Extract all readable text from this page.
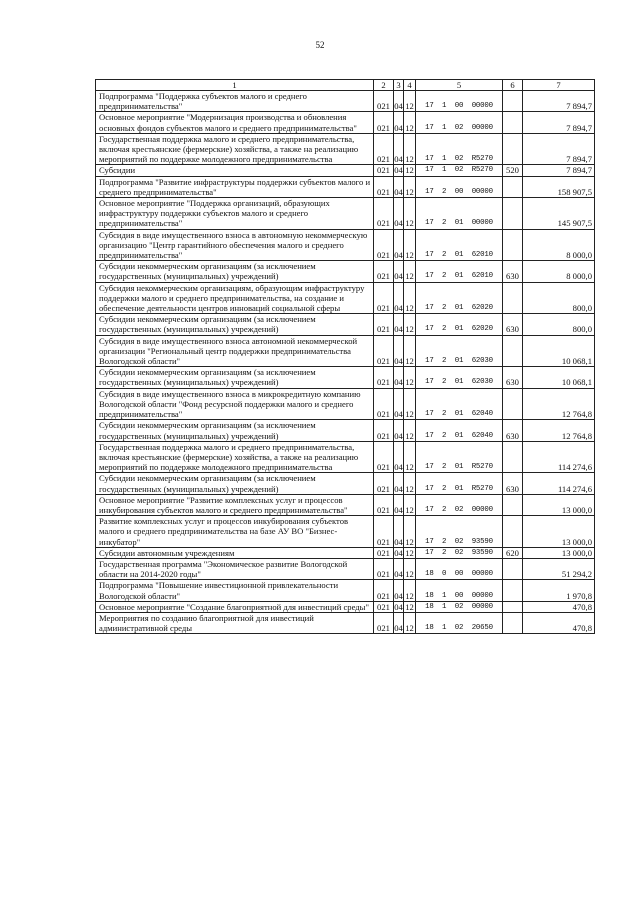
52
1	2	3	4	5	6	7
Подпрограмма "Поддержка субъектов малого и среднего предпринимательства"	021	04	12	17  1  00  00000		7 894,7
Основное мероприятие "Модернизация производства и обновления основных фондов субъектов малого и среднего предпринимательства"	021	04	12	17  1  02  00000		7 894,7
Государственная поддержка малого и среднего предпринимательства, включая крестьянские (фермерские) хозяйства, а также на реализацию мероприятий по поддержке молодежного предпринимательства	021	04	12	17  1  02  R5270		7 894,7
Субсидии	021	04	12	17  1  02  R5270	520	7 894,7
Подпрограмма "Развитие инфраструктуры поддержки субъектов малого и среднего предпринимательства"	021	04	12	17  2  00  00000		158 907,5
Основное мероприятие "Поддержка организаций, образующих инфраструктуру поддержки субъектов малого и среднего предпринимательства"	021	04	12	17  2  01  00000		145 907,5
Субсидия в виде имущественного взноса в автономную некоммерческую организацию "Центр гарантийного обеспечения малого и среднего предпринимательства"	021	04	12	17  2  01  62010		8 000,0
Субсидии некоммерческим организациям (за исключением государственных (муниципальных) учреждений)	021	04	12	17  2  01  62010	630	8 000,0
Субсидия некоммерческим организациям, образующим инфраструктуру поддержки малого и среднего предпринимательства, на создание и обеспечение деятельности центров инноваций социальной сферы	021	04	12	17  2  01  62020		800,0
Субсидии некоммерческим организациям (за исключением государственных (муниципальных) учреждений)	021	04	12	17  2  01  62020	630	800,0
Субсидия в виде имущественного взноса автономной некоммерческой организации "Региональный центр поддержки предпринимательства Вологодской области"	021	04	12	17  2  01  62030		10 068,1
Субсидии некоммерческим организациям (за исключением государственных (муниципальных) учреждений)	021	04	12	17  2  01  62030	630	10 068,1
Субсидия в виде имущественного взноса в микрокредитную компанию Вологодской области "Фонд ресурсной поддержки малого и среднего предпринимательства"	021	04	12	17  2  01  62040		12 764,8
Субсидии некоммерческим организациям (за исключением государственных (муниципальных) учреждений)	021	04	12	17  2  01  62040	630	12 764,8
Государственная поддержка малого и среднего предпринимательства, включая крестьянские (фермерские) хозяйства, а также на реализацию мероприятий по поддержке молодежного предпринимательства	021	04	12	17  2  01  R5270		114 274,6
Субсидии некоммерческим организациям (за исключением государственных (муниципальных) учреждений)	021	04	12	17  2  01  R5270	630	114 274,6
Основное мероприятие "Развитие комплексных услуг и процессов инкубирования субъектов малого и среднего предпринимательства"	021	04	12	17  2  02  00000		13 000,0
Развитие комплексных услуг и процессов инкубирования субъектов малого и среднего предпринимательства на базе АУ ВО "Бизнес-инкубатор"	021	04	12	17  2  02  93590		13 000,0
Субсидии автономным учреждениям	021	04	12	17  2  02  93590	620	13 000,0
Государственная программа "Экономическое развитие Вологодской области на 2014-2020 годы"	021	04	12	18  0  00  00000		51 294,2
Подпрограмма "Повышение инвестиционной привлекательности Вологодской области"	021	04	12	18  1  00  00000		1 970,8
Основное мероприятие "Создание благоприятной для инвестиций среды"	021	04	12	18  1  02  00000		470,8
Мероприятия по созданию благоприятной для инвестиций административной среды	021	04	12	18  1  02  20650		470,8
